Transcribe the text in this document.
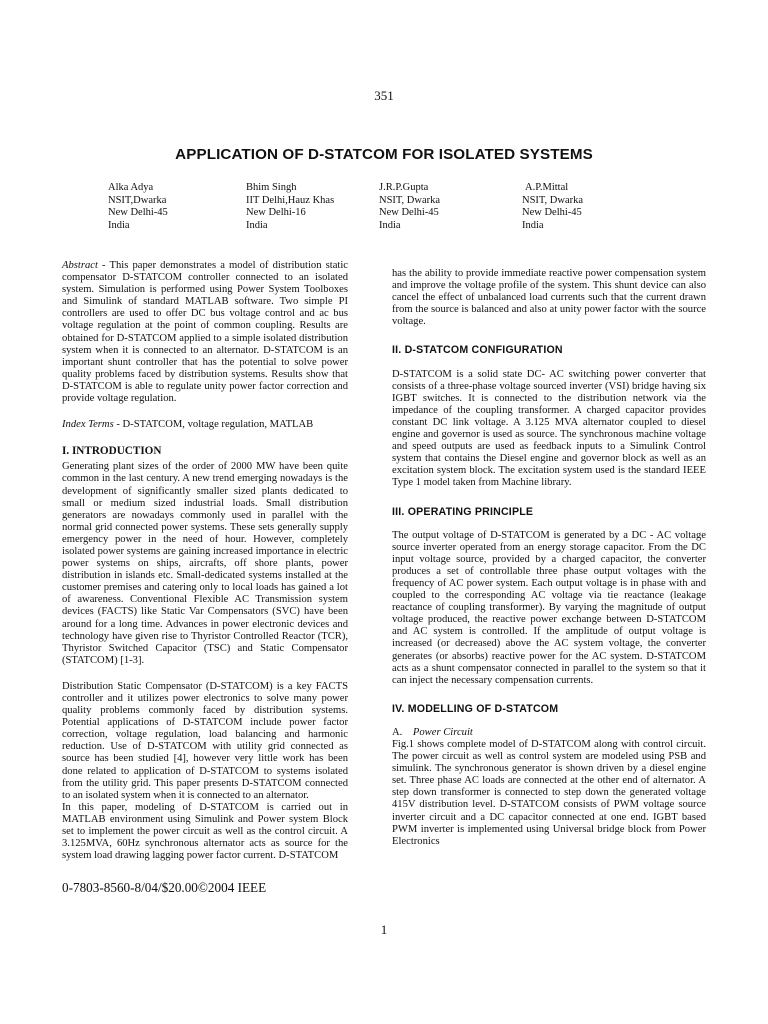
351
APPLICATION OF D-STATCOM FOR ISOLATED SYSTEMS
Alka Adya
NSIT,Dwarka
New Delhi-45
India
Bhim Singh
IIT Delhi,Hauz Khas
New Delhi-16
India
J.R.P.Gupta
NSIT, Dwarka
New Delhi-45
India
A.P.Mittal
NSIT, Dwarka
New Delhi-45
India

Abstract - This paper demonstrates a model of distribution static compensator D-STATCOM controller connected to an isolated system. Simulation is performed using Power System Toolboxes and Simulink of standard MATLAB software. Two simple PI controllers are used to offer DC bus voltage control and ac bus voltage regulation at the point of common coupling. Results are obtained for D-STATCOM applied to a simple isolated distribution system when it is connected to an alternator. D-STATCOM is an important shunt controller that has the potential to solve power quality problems faced by distribution systems. Results show that D-STATCOM is able to regulate unity power factor correction and provide voltage regulation.

Index Terms - D-STATCOM, voltage regulation, MATLAB

I. INTRODUCTION

Generating plant sizes of the order of 2000 MW have been quite common in the last century. A new trend emerging nowadays is the development of significantly smaller sized plants dedicated to small or medium sized industrial loads. Small distribution generators are nowadays commonly used in parallel with the normal grid connected power systems. These sets generally supply emergency power in the need of hour. However, completely isolated power systems are gaining increased importance in electric power systems on ships, aircrafts, off shore plants, power distribution in islands etc. Small-dedicated systems installed at the customer premises and catering only to local loads has gained a lot of awareness. Conventional Flexible AC Transmission system devices (FACTS) like Static Var Compensators (SVC) have been around for a long time. Advances in power electronic devices and technology have given rise to Thyristor Controlled Reactor (TCR), Thyristor Switched Capacitor (TSC) and Static Compensator (STATCOM) [1-3].

Distribution Static Compensator (D-STATCOM) is a key FACTS controller and it utilizes power electronics to solve many power quality problems commonly faced by distribution systems. Potential applications of D-STATCOM include power factor correction, voltage regulation, load balancing and harmonic reduction. Use of D-STATCOM with utility grid connected as source has been studied [4], however very little work has been done related to application of D-STATCOM to systems isolated from the utility grid. This paper presents D-STATCOM connected to an isolated system when it is connected to an alternator.

In this paper, modeling of D-STATCOM is carried out in MATLAB environment using Simulink and Power system Block set to implement the power circuit as well as the control circuit. A 3.125MVA, 60Hz synchronous alternator acts as source for the system load drawing lagging power factor current. D-STATCOM

has the ability to provide immediate reactive power compensation system and improve the voltage profile of the system. This shunt device can also cancel the effect of unbalanced load currents such that the current drawn from the source is balanced and also at unity power factor with the source voltage.

II. D-STATCOM CONFIGURATION

D-STATCOM is a solid state DC- AC switching power converter that consists of a three-phase voltage sourced inverter (VSI) bridge having six IGBT switches. It is connected to the distribution network via the impedance of the coupling transformer. A charged capacitor provides constant DC link voltage. A 3.125 MVA alternator coupled to diesel engine and governor is used as source. The synchronous machine voltage and speed outputs are used as feedback inputs to a Simulink Control system that contains the Diesel engine and governor block as well as an excitation system block. The excitation system used is the standard IEEE Type 1 model taken from Machine library.

III. OPERATING PRINCIPLE

The output voltage of D-STATCOM is generated by a DC - AC voltage source inverter operated from an energy storage capacitor. From the DC input voltage source, provided by a charged capacitor, the converter produces a set of controllable three phase output voltages with the frequency of AC power system. Each output voltage is in phase with and coupled to the corresponding AC voltage via tie reactance (leakage reactance of coupling transformer). By varying the magnitude of output voltage produced, the reactive power exchange between D-STATCOM and AC system is controlled. If the amplitude of output voltage is increased (or decreased) above the AC system voltage, the converter generates (or absorbs) reactive power for the AC system. D-STATCOM acts as a shunt compensator connected in parallel to the system so that it can inject the necessary compensation currents.

IV. MODELLING OF D-STATCOM

A. Power Circuit

Fig.1 shows complete model of D-STATCOM along with control circuit. The power circuit as well as control system are modeled using PSB and simulink. The synchronous generator is shown driven by a diesel engine set. Three phase AC loads are connected at the other end of alternator. A step down transformer is connected to step down the generated voltage 415V distribution level. D-STATCOM consists of PWM voltage source inverter circuit and a DC capacitor connected at one end. IGBT based PWM inverter is implemented using Universal bridge block from Power Electronics

0-7803-8560-8/04/$20.00©2004 IEEE
1
